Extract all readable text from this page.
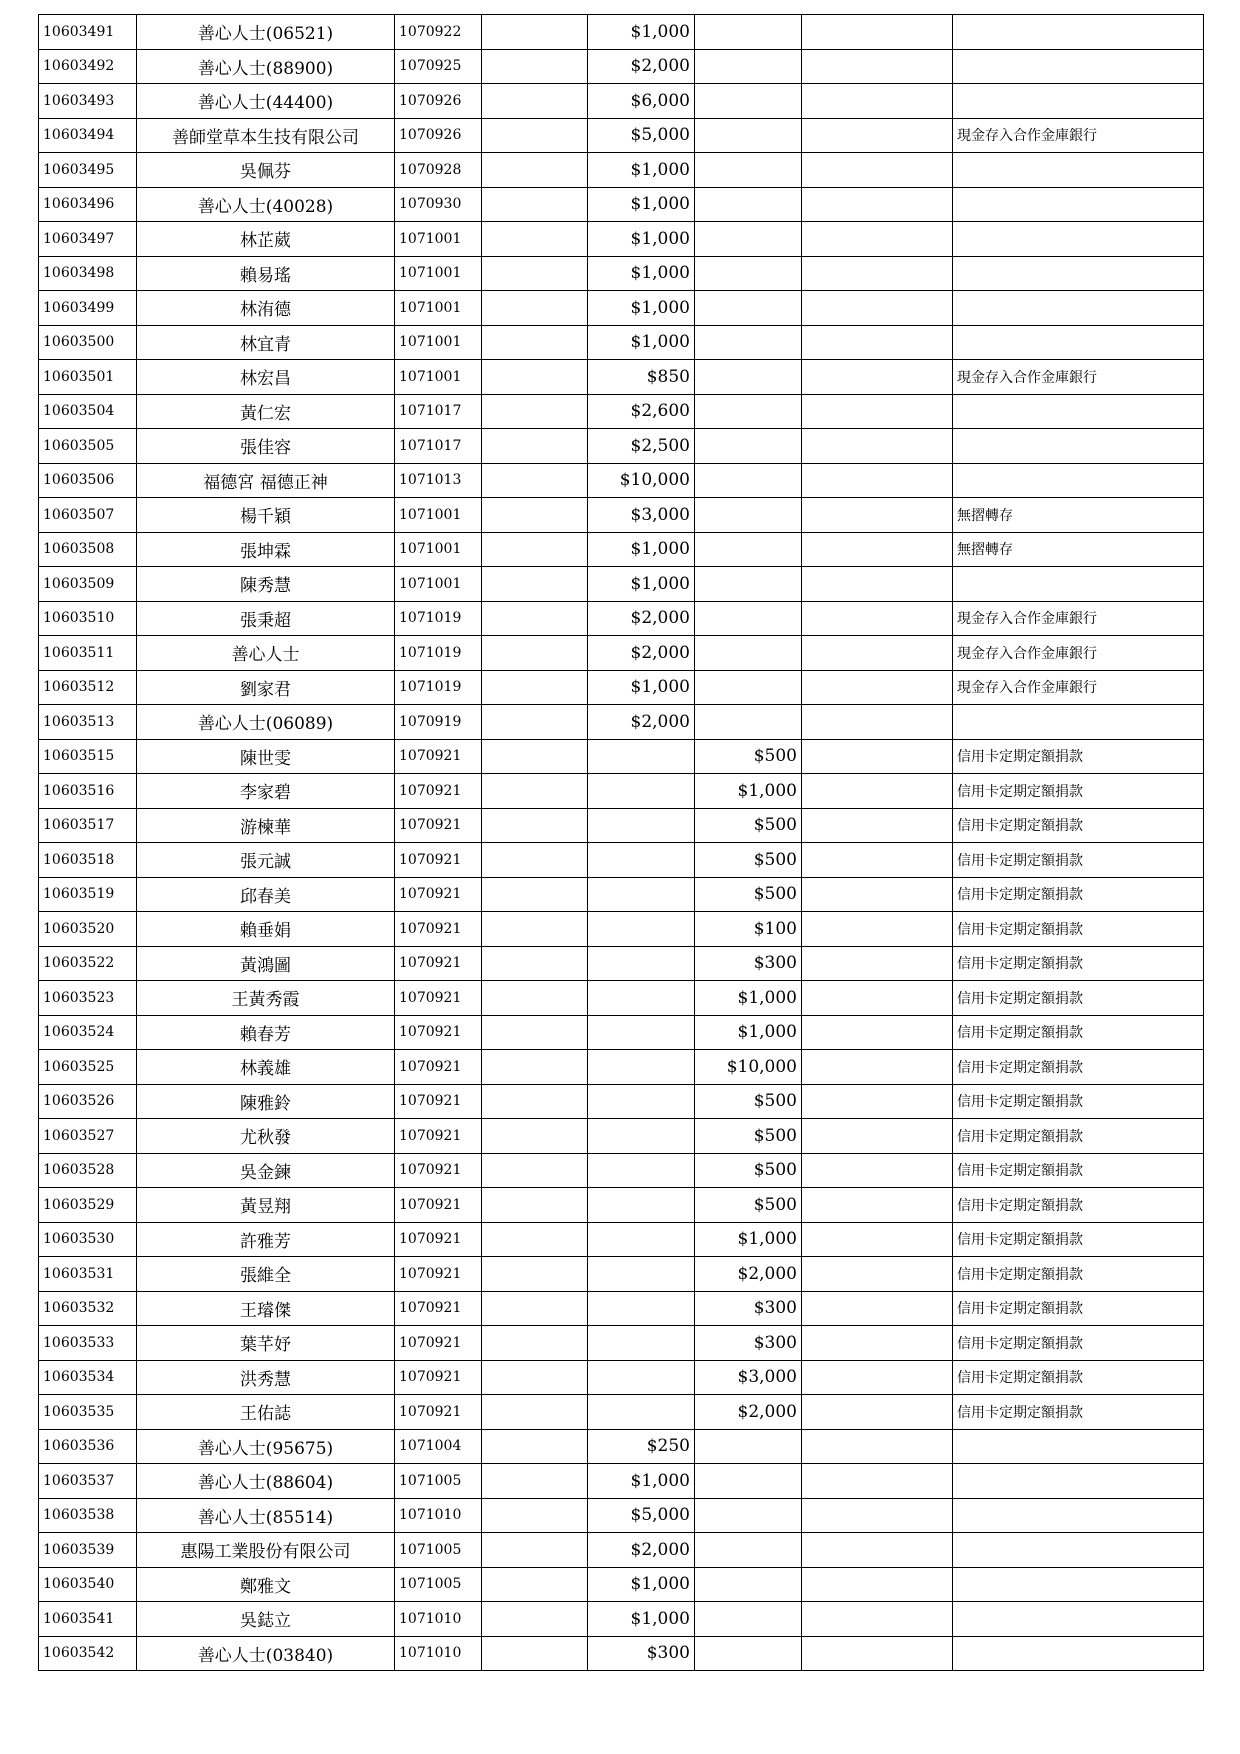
10603491	善心人士(06521)	1070922		$1,000			
10603492	善心人士(88900)	1070925		$2,000			
10603493	善心人士(44400)	1070926		$6,000			
10603494	善師堂草本生技有限公司	1070926		$5,000			現金存入合作金庫銀行
10603495	吳佩芬	1070928		$1,000			
10603496	善心人士(40028)	1070930		$1,000			
10603497	林芷葳	1071001		$1,000			
10603498	賴易瑤	1071001		$1,000			
10603499	林洧德	1071001		$1,000			
10603500	林宜青	1071001		$1,000			
10603501	林宏昌	1071001		$850			現金存入合作金庫銀行
10603504	黃仁宏	1071017		$2,600			
10603505	張佳容	1071017		$2,500			
10603506	福德宮 福德正神	1071013		$10,000			
10603507	楊千穎	1071001		$3,000			無摺轉存
10603508	張坤霖	1071001		$1,000			無摺轉存
10603509	陳秀慧	1071001		$1,000			
10603510	張秉超	1071019		$2,000			現金存入合作金庫銀行
10603511	善心人士	1071019		$2,000			現金存入合作金庫銀行
10603512	劉家君	1071019		$1,000			現金存入合作金庫銀行
10603513	善心人士(06089)	1070919		$2,000			
10603515	陳世雯	1070921			$500		信用卡定期定額捐款
10603516	李家碧	1070921			$1,000		信用卡定期定額捐款
10603517	游楝華	1070921			$500		信用卡定期定額捐款
10603518	張元誠	1070921			$500		信用卡定期定額捐款
10603519	邱春美	1070921			$500		信用卡定期定額捐款
10603520	賴垂娟	1070921			$100		信用卡定期定額捐款
10603522	黃鴻圖	1070921			$300		信用卡定期定額捐款
10603523	王黃秀霞	1070921			$1,000		信用卡定期定額捐款
10603524	賴春芳	1070921			$1,000		信用卡定期定額捐款
10603525	林義雄	1070921			$10,000		信用卡定期定額捐款
10603526	陳雅鈴	1070921			$500		信用卡定期定額捐款
10603527	尤秋發	1070921			$500		信用卡定期定額捐款
10603528	吳金鍊	1070921			$500		信用卡定期定額捐款
10603529	黃昱翔	1070921			$500		信用卡定期定額捐款
10603530	許雅芳	1070921			$1,000		信用卡定期定額捐款
10603531	張維全	1070921			$2,000		信用卡定期定額捐款
10603532	王璿傑	1070921			$300		信用卡定期定額捐款
10603533	葉芊妤	1070921			$300		信用卡定期定額捐款
10603534	洪秀慧	1070921			$3,000		信用卡定期定額捐款
10603535	王佑誌	1070921			$2,000		信用卡定期定額捐款
10603536	善心人士(95675)	1071004		$250			
10603537	善心人士(88604)	1071005		$1,000			
10603538	善心人士(85514)	1071010		$5,000			
10603539	惠陽工業股份有限公司	1071005		$2,000			
10603540	鄭雅文	1071005		$1,000			
10603541	吳鋕立	1071010		$1,000			
10603542	善心人士(03840)	1071010		$300			
